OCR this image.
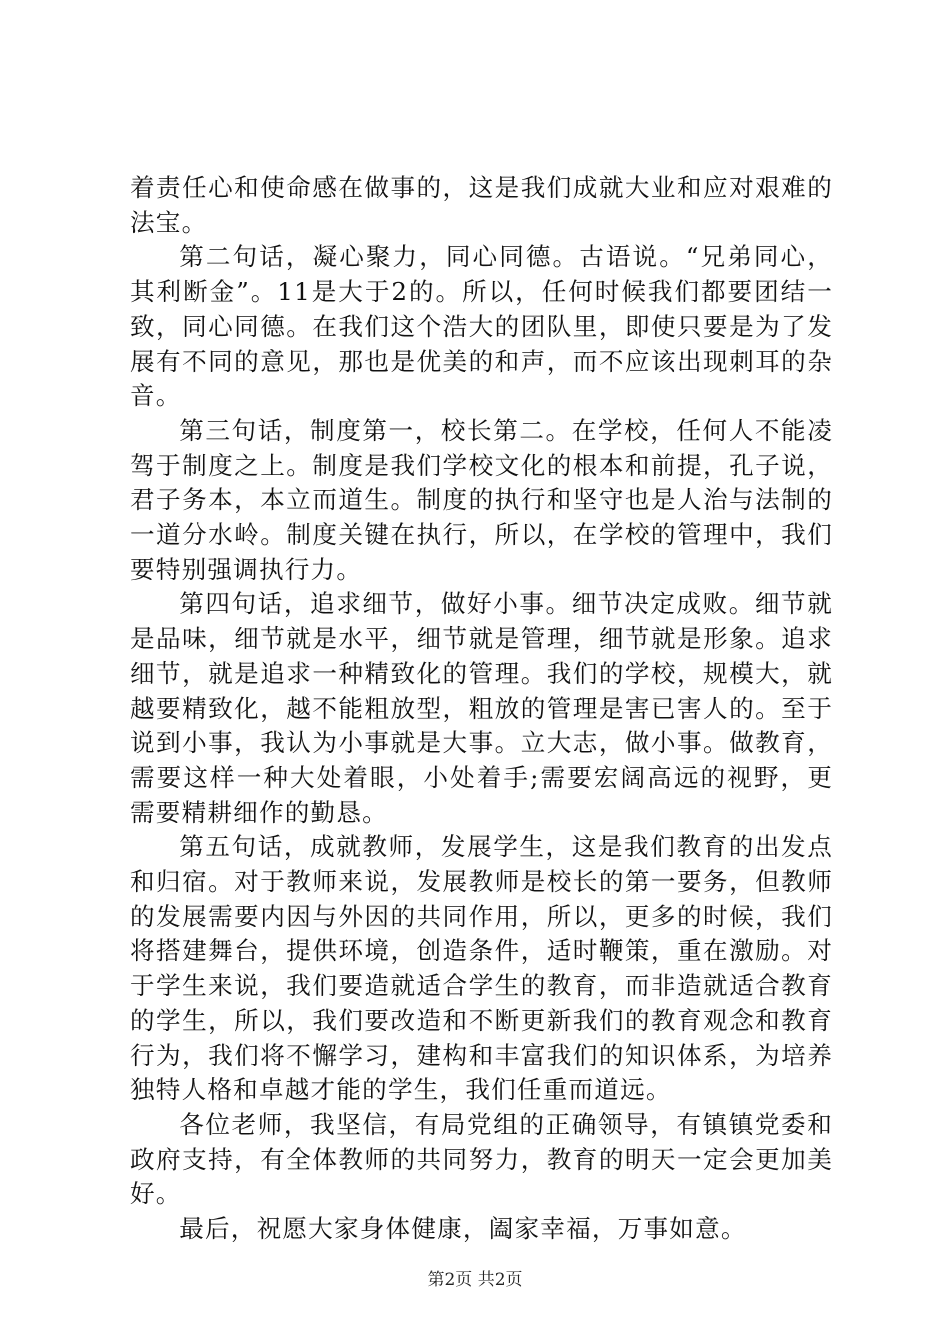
着责任心和使命感在做事的，这是我们成就大业和应对艰难的法宝。

第二句话，凝心聚力，同心同德。古语说。“兄弟同心，其利断金”。11是大于2的。所以，任何时候我们都要团结一致，同心同德。在我们这个浩大的团队里，即使只要是为了发展有不同的意见，那也是优美的和声，而不应该出现刺耳的杂音。

第三句话，制度第一，校长第二。在学校，任何人不能凌驾于制度之上。制度是我们学校文化的根本和前提，孔子说，君子务本，本立而道生。制度的执行和坚守也是人治与法制的一道分水岭。制度关键在执行，所以，在学校的管理中，我们要特别强调执行力。

第四句话，追求细节，做好小事。细节决定成败。细节就是品味，细节就是水平，细节就是管理，细节就是形象。追求细节，就是追求一种精致化的管理。我们的学校，规模大，就越要精致化，越不能粗放型，粗放的管理是害已害人的。至于说到小事，我认为小事就是大事。立大志，做小事。做教育，需要这样一种大处着眼，小处着手;需要宏阔高远的视野，更需要精耕细作的勤恳。

第五句话，成就教师，发展学生，这是我们教育的出发点和归宿。对于教师来说，发展教师是校长的第一要务，但教师的发展需要内因与外因的共同作用，所以，更多的时候，我们将搭建舞台，提供环境，创造条件，适时鞭策，重在激励。对于学生来说，我们要造就适合学生的教育，而非造就适合教育的学生，所以，我们要改造和不断更新我们的教育观念和教育行为，我们将不懈学习，建构和丰富我们的知识体系，为培养独特人格和卓越才能的学生，我们任重而道远。

各位老师，我坚信，有局党组的正确领导，有镇镇党委和政府支持，有全体教师的共同努力，教育的明天一定会更加美好。

最后，祝愿大家身体健康，阖家幸福，万事如意。

第2页 共2页
